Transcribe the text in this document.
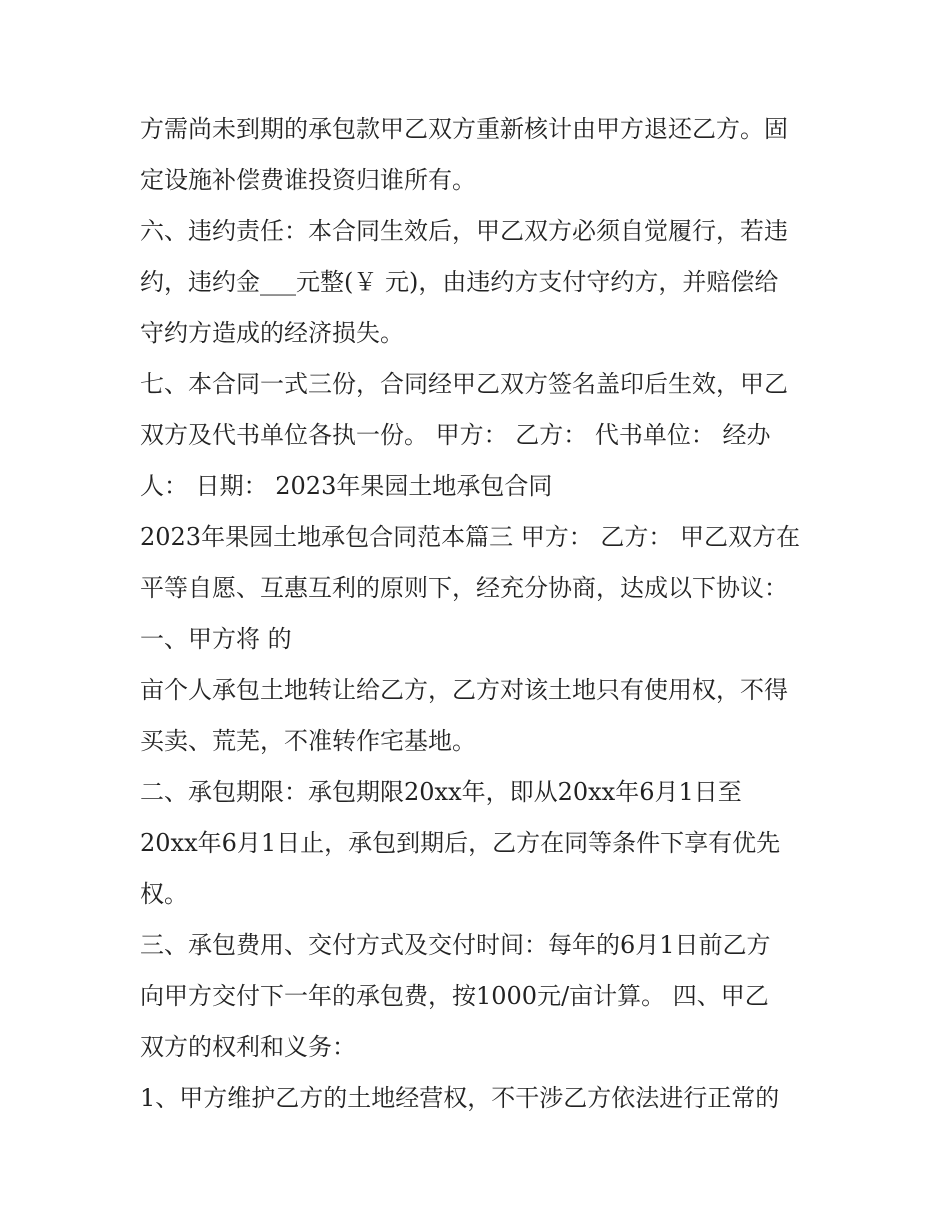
方需尚未到期的承包款甲乙双方重新核计由甲方退还乙方。固
定设施补偿费谁投资归谁所有。
六、违约责任：本合同生效后，甲乙双方必须自觉履行，若违
约，违约金___元整(￥ 元)，由违约方支付守约方，并赔偿给
守约方造成的经济损失。
七、本合同一式三份，合同经甲乙双方签名盖印后生效，甲乙
双方及代书单位各执一份。 甲方： 乙方： 代书单位： 经办
人： 日期： 2023年果园土地承包合同
2023年果园土地承包合同范本篇三 甲方： 乙方： 甲乙双方在
平等自愿、互惠互利的原则下，经充分协商，达成以下协议：
一、甲方将 的
亩个人承包土地转让给乙方，乙方对该土地只有使用权，不得
买卖、荒芜，不准转作宅基地。
二、承包期限：承包期限20xx年，即从20xx年6月1日至
20xx年6月1日止，承包到期后，乙方在同等条件下享有优先
权。
三、承包费用、交付方式及交付时间：每年的6月1日前乙方
向甲方交付下一年的承包费，按1000元/亩计算。 四、甲乙
双方的权利和义务：
1、甲方维护乙方的土地经营权，不干涉乙方依法进行正常的
